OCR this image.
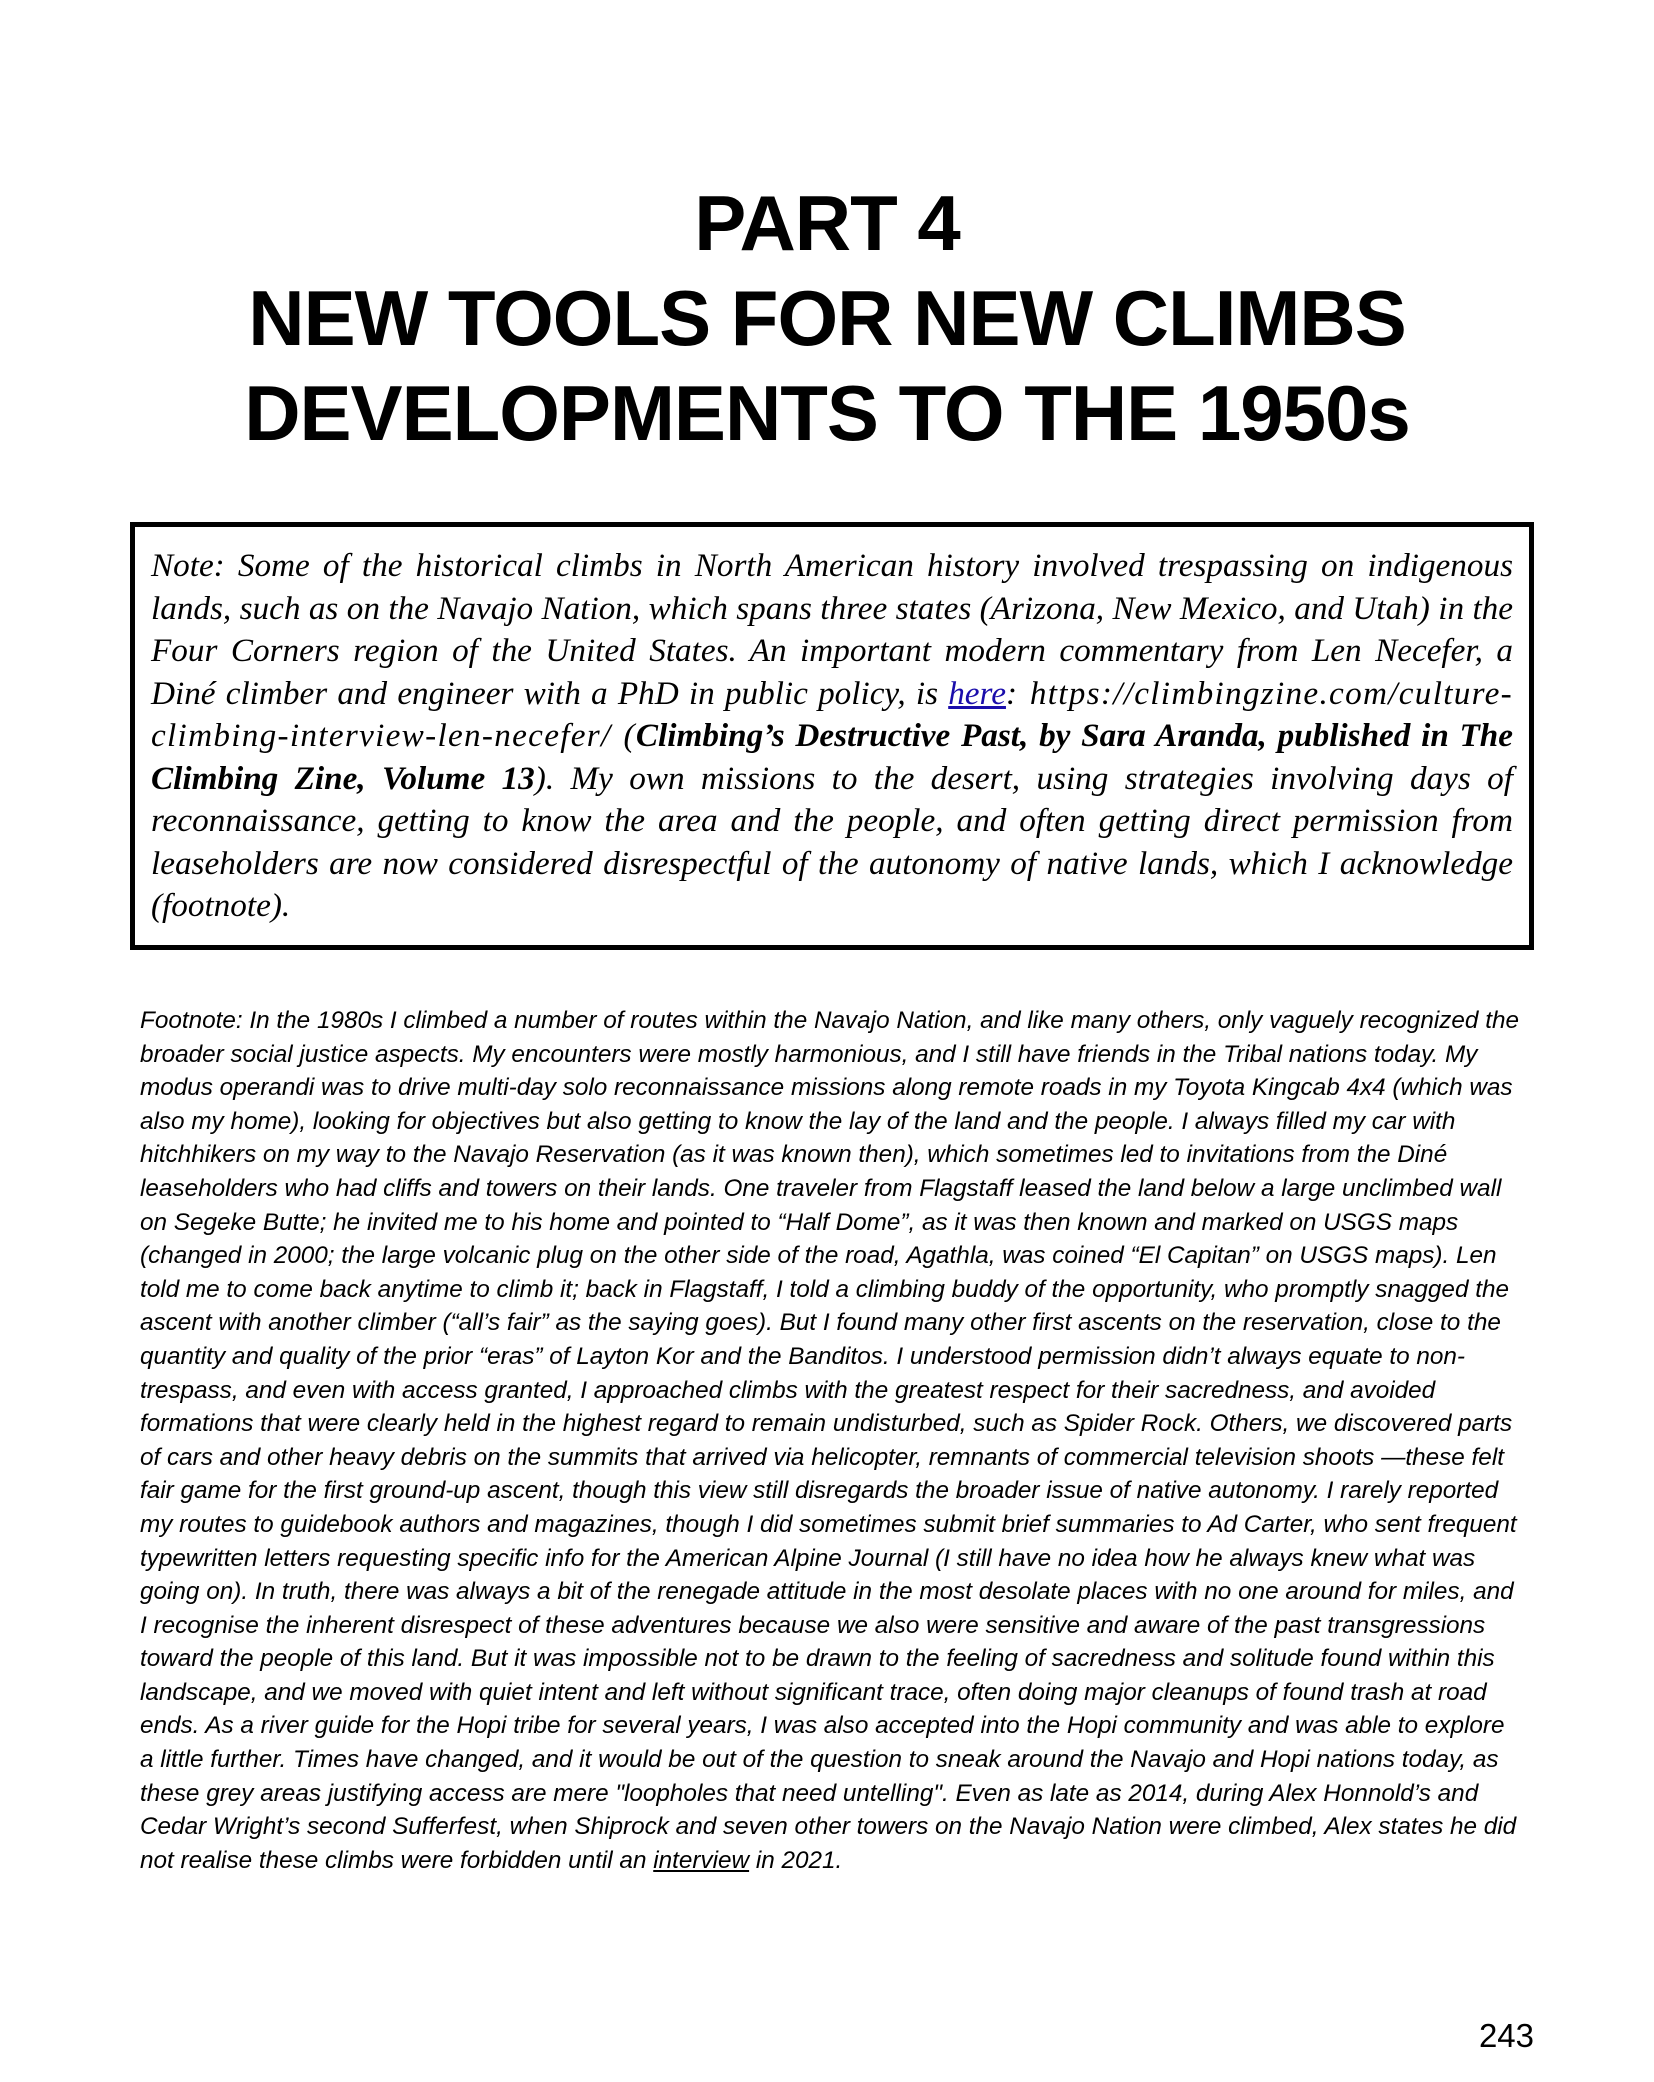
PART 4
NEW TOOLS FOR NEW CLIMBS
DEVELOPMENTS TO THE 1950s

Note: Some of the historical climbs in North American history involved trespassing on indigenous lands, such as on the Navajo Nation, which spans three states (Arizona, New Mexico, and Utah) in the Four Corners region of the United States. An important modern commentary from Len Necefer, a Diné climber and engineer with a PhD in public policy, is here: https://climbingzine.com/culture-climbing-interview-len-necefer/ (Climbing’s Destructive Past, by Sara Aranda, published in The Climbing Zine, Volume 13). My own missions to the desert, using strategies involving days of reconnaissance, getting to know the area and the people, and often getting direct permission from leaseholders are now considered disrespectful of the autonomy of native lands, which I acknowledge (footnote).

Footnote: In the 1980s I climbed a number of routes within the Navajo Nation, and like many others, only vaguely recognized the broader social justice aspects. My encounters were mostly harmonious, and I still have friends in the Tribal nations today. My modus operandi was to drive multi-day solo reconnaissance missions along remote roads in my Toyota Kingcab 4x4 (which was also my home), looking for objectives but also getting to know the lay of the land and the people. I always filled my car with hitchhikers on my way to the Navajo Reservation (as it was known then), which sometimes led to invitations from the Diné leaseholders who had cliffs and towers on their lands. One traveler from Flagstaff leased the land below a large unclimbed wall on Segeke Butte; he invited me to his home and pointed to “Half Dome”, as it was then known and marked on USGS maps (changed in 2000; the large volcanic plug on the other side of the road, Agathla, was coined “El Capitan” on USGS maps). Len told me to come back anytime to climb it; back in Flagstaff, I told a climbing buddy of the opportunity, who promptly snagged the ascent with another climber (“all’s fair” as the saying goes). But I found many other first ascents on the reservation, close to the quantity and quality of the prior “eras” of Layton Kor and the Banditos. I understood permission didn’t always equate to non-trespass, and even with access granted, I approached climbs with the greatest respect for their sacredness, and avoided formations that were clearly held in the highest regard to remain undisturbed, such as Spider Rock. Others, we discovered parts of cars and other heavy debris on the summits that arrived via helicopter, remnants of commercial television shoots —these felt fair game for the first ground-up ascent, though this view still disregards the broader issue of native autonomy. I rarely reported my routes to guidebook authors and magazines, though I did sometimes submit brief summaries to Ad Carter, who sent frequent typewritten letters requesting specific info for the American Alpine Journal (I still have no idea how he always knew what was going on). In truth, there was always a bit of the renegade attitude in the most desolate places with no one around for miles, and I recognise the inherent disrespect of these adventures because we also were sensitive and aware of the past transgressions toward the people of this land. But it was impossible not to be drawn to the feeling of sacredness and solitude found within this landscape, and we moved with quiet intent and left without significant trace, often doing major cleanups of found trash at road ends. As a river guide for the Hopi tribe for several years, I was also accepted into the Hopi community and was able to explore a little further. Times have changed, and it would be out of the question to sneak around the Navajo and Hopi nations today, as these grey areas justifying access are mere "loopholes that need untelling". Even as late as 2014, during Alex Honnold’s and Cedar Wright’s second Sufferfest, when Shiprock and seven other towers on the Navajo Nation were climbed, Alex states he did not realise these climbs were forbidden until an interview in 2021.

243
